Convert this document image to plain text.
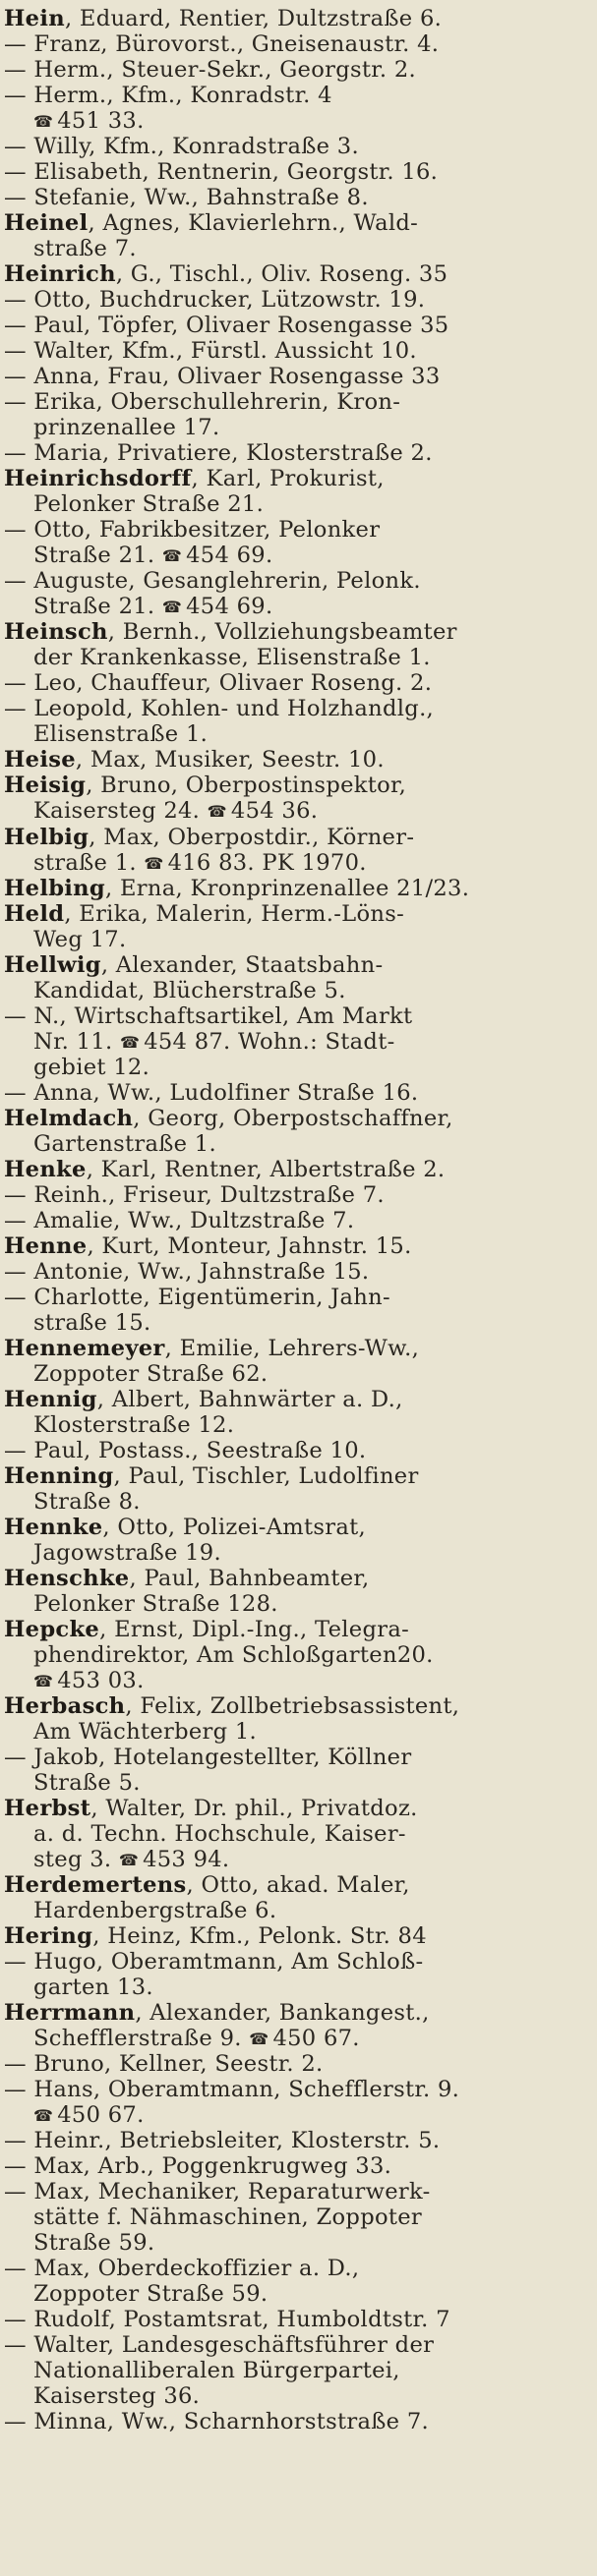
Hein, Eduard, Rentier, Dultzstraße 6.
— Franz, Bürovorst., Gneisenaustr. 4.
— Herm., Steuer-Sekr., Georgstr. 2.
— Herm., Kfm., Konradstr. 4
☎ 451 33.
— Willy, Kfm., Konradstraße 3.
— Elisabeth, Rentnerin, Georgstr. 16.
— Stefanie, Ww., Bahnstraße 8.
Heinel, Agnes, Klavierlehrn., Wald-
straße 7.
Heinrich, G., Tischl., Oliv. Roseng. 35
— Otto, Buchdrucker, Lützowstr. 19.
— Paul, Töpfer, Olivaer Rosengasse 35
— Walter, Kfm., Fürstl. Aussicht 10.
— Anna, Frau, Olivaer Rosengasse 33
— Erika, Oberschullehrerin, Kron-
prinzenallee 17.
— Maria, Privatiere, Klosterstraße 2.
Heinrichsdorff, Karl, Prokurist,
Pelonker Straße 21.
— Otto, Fabrikbesitzer, Pelonker
Straße 21. ☎ 454 69.
— Auguste, Gesanglehrerin, Pelonk.
Straße 21. ☎ 454 69.
Heinsch, Bernh., Vollziehungsbeamter
der Krankenkasse, Elisenstraße 1.
— Leo, Chauffeur, Olivaer Roseng. 2.
— Leopold, Kohlen- und Holzhandlg.,
Elisenstraße 1.
Heise, Max, Musiker, Seestr. 10.
Heisig, Bruno, Oberpostinspektor,
Kaisersteg 24. ☎ 454 36.
Helbig, Max, Oberpostdir., Körner-
straße 1. ☎ 416 83. PK 1970.
Helbing, Erna, Kronprinzenallee 21/23.
Held, Erika, Malerin, Herm.-Löns-
Weg 17.
Hellwig, Alexander, Staatsbahn-
Kandidat, Blücherstraße 5.
— N., Wirtschaftsartikel, Am Markt
Nr. 11. ☎ 454 87. Wohn.: Stadt-
gebiet 12.
— Anna, Ww., Ludolfiner Straße 16.
Helmdach, Georg, Oberpostschaffner,
Gartenstraße 1.
Henke, Karl, Rentner, Albertstraße 2.
— Reinh., Friseur, Dultzstraße 7.
— Amalie, Ww., Dultzstraße 7.
Henne, Kurt, Monteur, Jahnstr. 15.
— Antonie, Ww., Jahnstraße 15.
— Charlotte, Eigentümerin, Jahn-
straße 15.
Hennemeyer, Emilie, Lehrers-Ww.,
Zoppoter Straße 62.
Hennig, Albert, Bahnwärter a. D.,
Klosterstraße 12.
— Paul, Postass., Seestraße 10.
Henning, Paul, Tischler, Ludolfiner
Straße 8.
Hennke, Otto, Polizei-Amtsrat,
Jagowstraße 19.
Henschke, Paul, Bahnbeamter,
Pelonker Straße 128.
Hepcke, Ernst, Dipl.-Ing., Telegra-
phendirektor, Am Schloßgarten20.
☎ 453 03.
Herbasch, Felix, Zollbetriebsassistent,
Am Wächterberg 1.
— Jakob, Hotelangestellter, Köllner
Straße 5.
Herbst, Walter, Dr. phil., Privatdoz.
a. d. Techn. Hochschule, Kaiser-
steg 3. ☎ 453 94.
Herdemertens, Otto, akad. Maler,
Hardenbergstraße 6.
Hering, Heinz, Kfm., Pelonk. Str. 84
— Hugo, Oberamtmann, Am Schloß-
garten 13.
Herrmann, Alexander, Bankangest.,
Schefflerstraße 9. ☎ 450 67.
— Bruno, Kellner, Seestr. 2.
— Hans, Oberamtmann, Schefflerstr. 9.
☎ 450 67.
— Heinr., Betriebsleiter, Klosterstr. 5.
— Max, Arb., Poggenkrugweg 33.
— Max, Mechaniker, Reparaturwerk-
stätte f. Nähmaschinen, Zoppoter
Straße 59.
— Max, Oberdeckoffizier a. D.,
Zoppoter Straße 59.
— Rudolf, Postamtsrat, Humboldtstr. 7
— Walter, Landesgeschäftsführer der
Nationalliberalen Bürgerpartei,
Kaisersteg 36.
— Minna, Ww., Scharnhorststraße 7.
